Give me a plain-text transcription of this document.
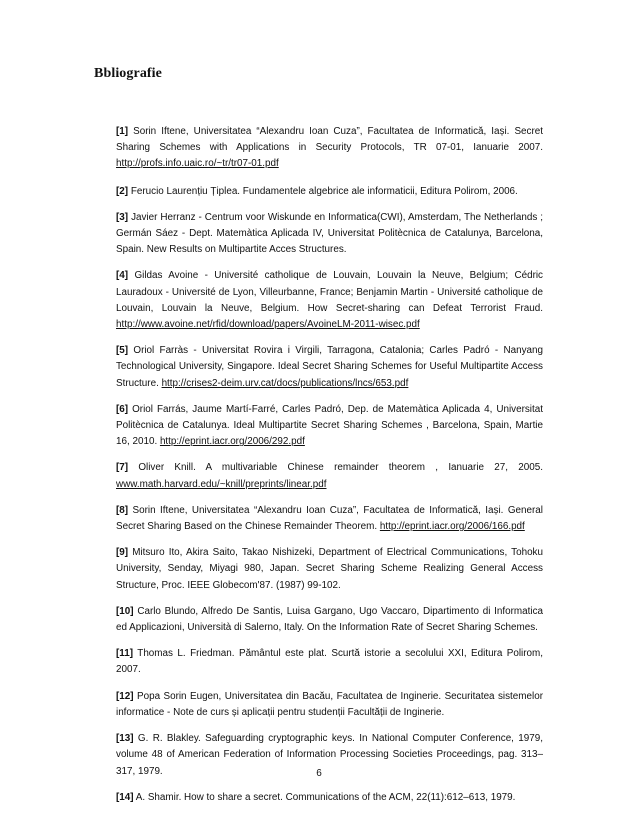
Bbliografie
[1] Sorin Iftene, Universitatea “Alexandru Ioan Cuza”, Facultatea de Informatică, Iași. Secret Sharing Schemes with Applications in Security Protocols, TR 07-01, Ianuarie 2007. http://profs.info.uaic.ro/~tr/tr07-01.pdf
[2] Ferucio Laurențiu Țiplea. Fundamentele algebrice ale informaticii, Editura Polirom, 2006.
[3] Javier Herranz - Centrum voor Wiskunde en Informatica(CWI), Amsterdam, The Netherlands ; Germán Sáez - Dept. Matemàtica Aplicada IV, Universitat Politècnica de Catalunya, Barcelona, Spain. New Results on Multipartite Acces Structures.
[4] Gildas Avoine - Université catholique de Louvain, Louvain la Neuve, Belgium; Cédric Lauradoux - Université de Lyon, Villeurbanne, France; Benjamin Martin - Université catholique de Louvain, Louvain la Neuve, Belgium. How Secret-sharing can Defeat Terrorist Fraud. http://www.avoine.net/rfid/download/papers/AvoineLM-2011-wisec.pdf
[5] Oriol Farràs - Universitat Rovira i Virgili, Tarragona, Catalonia; Carles Padró - Nanyang Technological University, Singapore. Ideal Secret Sharing Schemes for Useful Multipartite Access Structure. http://crises2-deim.urv.cat/docs/publications/lncs/653.pdf
[6] Oriol Farrás, Jaume Martí-Farré, Carles Padró, Dep. de Matemàtica Aplicada 4, Universitat Politècnica de Catalunya. Ideal Multipartite Secret Sharing Schemes , Barcelona, Spain, Martie 16, 2010. http://eprint.iacr.org/2006/292.pdf
[7] Oliver Knill. A multivariable Chinese remainder theorem , Ianuarie 27, 2005. www.math.harvard.edu/~knill/preprints/linear.pdf
[8] Sorin Iftene, Universitatea “Alexandru Ioan Cuza”, Facultatea de Informatică, Iași. General Secret Sharing Based on the Chinese Remainder Theorem. http://eprint.iacr.org/2006/166.pdf
[9] Mitsuro Ito, Akira Saito, Takao Nishizeki, Department of Electrical Communications, Tohoku University, Senday, Miyagi 980, Japan. Secret Sharing Scheme Realizing General Access Structure, Proc. IEEE Globecom'87. (1987) 99-102.
[10] Carlo Blundo, Alfredo De Santis, Luisa Gargano, Ugo Vaccaro, Dipartimento di Informatica ed Applicazioni, Università di Salerno, Italy. On the Information Rate of Secret Sharing Schemes.
[11] Thomas L. Friedman. Pământul este plat. Scurtă istorie a secolului XXI, Editura Polirom, 2007.
[12] Popa Sorin Eugen, Universitatea din Bacău, Facultatea de Inginerie. Securitatea sistemelor informatice - Note de curs și aplicații pentru studenții Facultății de Inginerie.
[13] G. R. Blakley. Safeguarding cryptographic keys. In National Computer Conference, 1979, volume 48 of American Federation of Information Processing Societies Proceedings, pag. 313–317, 1979.
[14] A. Shamir. How to share a secret. Communications of the ACM, 22(11):612–613, 1979.
6
